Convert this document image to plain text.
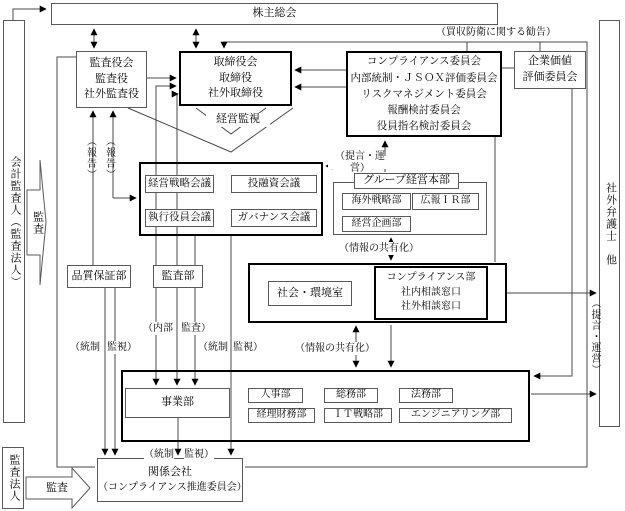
株主総会
（買収防衛に関する勧告）
会計監査人（監査法人）
監査法人
社外弁護士　他
監査役会
監査役
社外監査役
取締役会
取締役
社外取締役
コンプライアンス委員会
内部統制・ＪＳＯＸ評価委員会
リスクマネジメント委員会
報酬検討委員会
役員指名検討委員会
企業価値
評価委員会
経営監視
（報告） （報告）
監査
経営戦略会議	投融資会議
執行役員会議	ガバナンス会議
（提言・運営）
グループ経営本部
海外戦略部	広報ＩＲ部
経営企画部
（情報の共有化）
品質保証部	監査部
社会・環境室
コンプライアンス部
社内相談窓口
社外相談窓口
（内部 監査）
（統制 監視）	（統制 監視）	（情報の共有化）	（提言・運営）
事業部
人事部	総務部	法務部
経理財務部	ＩＴ戦略部	エンジニアリング部
（統制 監視）
関係会社
（コンプライアンス推進委員会）
監査
